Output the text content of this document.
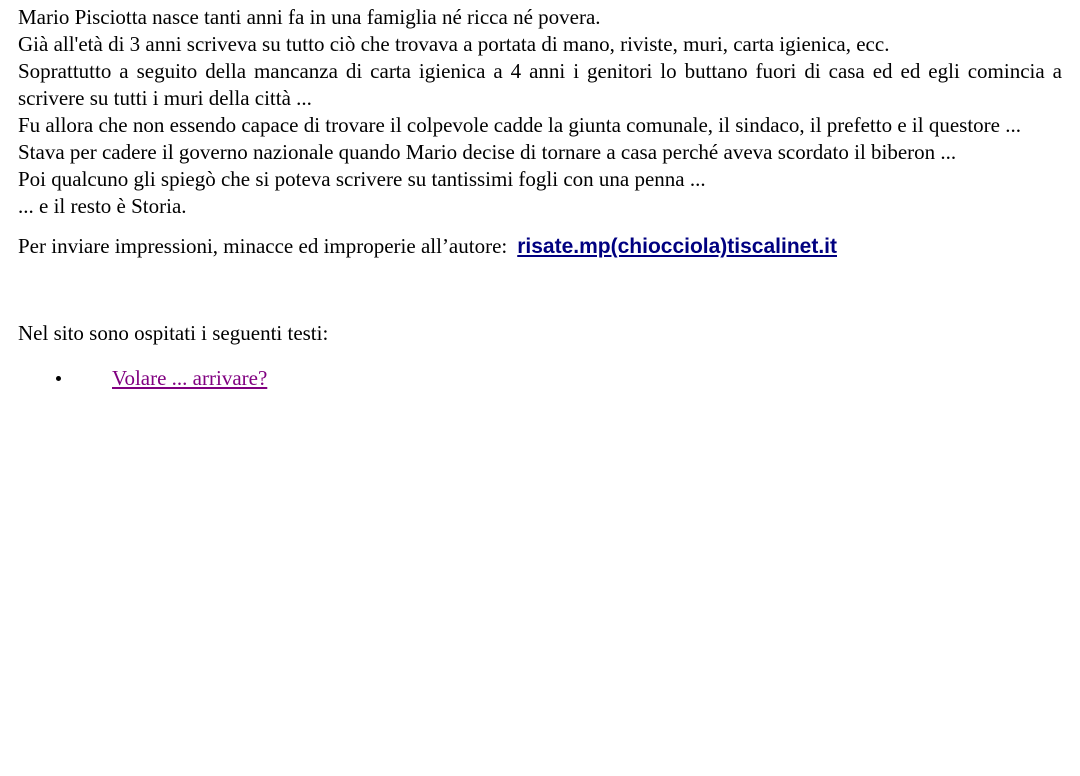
Mario Pisciotta nasce tanti anni fa in una famiglia né ricca né povera.

Già all'età di 3 anni scriveva su tutto ciò che trovava a portata di mano, riviste, muri, carta igienica, ecc.

Soprattutto a seguito della mancanza di carta igienica a 4 anni i genitori lo buttano fuori di casa ed ed egli comincia a scrivere su tutti i muri della città ...

Fu allora che non essendo capace di trovare il colpevole cadde la giunta comunale, il sindaco, il prefetto e il questore ...

Stava per cadere il governo nazionale quando Mario decise di tornare a casa perché aveva scordato il biberon ...

Poi qualcuno gli spiegò che si poteva scrivere su tantissimi fogli con una penna ...

... e il resto è Storia.

Per inviare impressioni, minacce ed improperie all’autore: risate.mp(chiocciola)tiscalinet.it

Nel sito sono ospitati i seguenti testi:

Volare ... arrivare?
